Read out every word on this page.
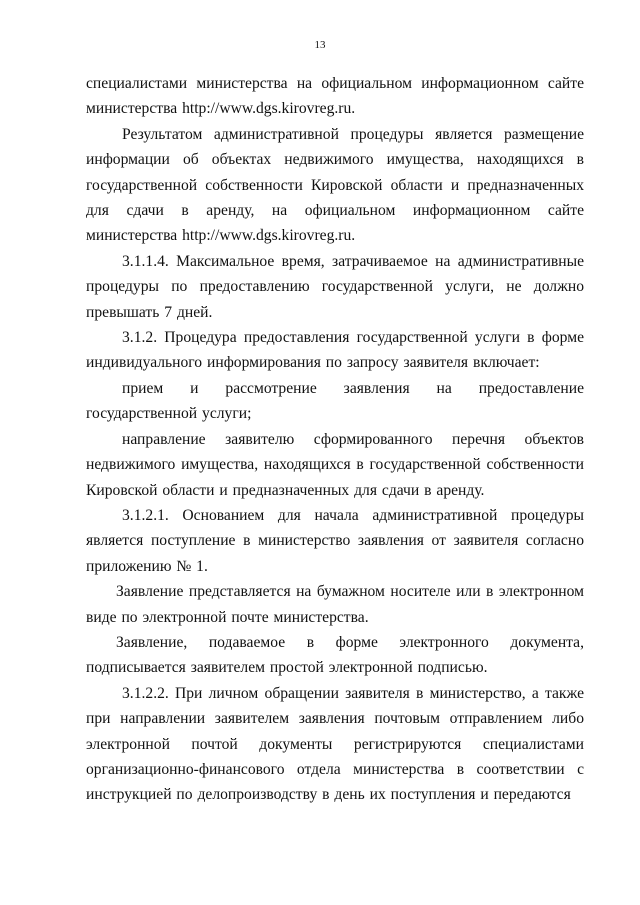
13

специалистами министерства на официальном информационном сайте министерства http://www.dgs.kirovreg.ru.

Результатом административной процедуры является размещение информации об объектах недвижимого имущества, находящихся в государственной собственности Кировской области и предназначенных для сдачи в аренду, на официальном информационном сайте министерства http://www.dgs.kirovreg.ru.

3.1.1.4. Максимальное время, затрачиваемое на административные процедуры по предоставлению государственной услуги, не должно превышать 7 дней.

3.1.2. Процедура предоставления государственной услуги в форме индивидуального информирования по запросу заявителя включает:

прием и рассмотрение заявления на предоставление государственной услуги;

направление заявителю сформированного перечня объектов недвижимого имущества, находящихся в государственной собственности Кировской области и предназначенных для сдачи в аренду.

3.1.2.1. Основанием для начала административной процедуры является поступление в министерство заявления от заявителя согласно приложению № 1.

Заявление представляется на бумажном носителе или в электронном виде по электронной почте министерства.

Заявление, подаваемое в форме электронного документа, подписывается заявителем простой электронной подписью.

3.1.2.2. При личном обращении заявителя в министерство, а также при направлении заявителем заявления почтовым отправлением либо электронной почтой документы регистрируются специалистами организационно-финансового отдела министерства в соответствии с инструкцией по делопроизводству в день их поступления и передаются
